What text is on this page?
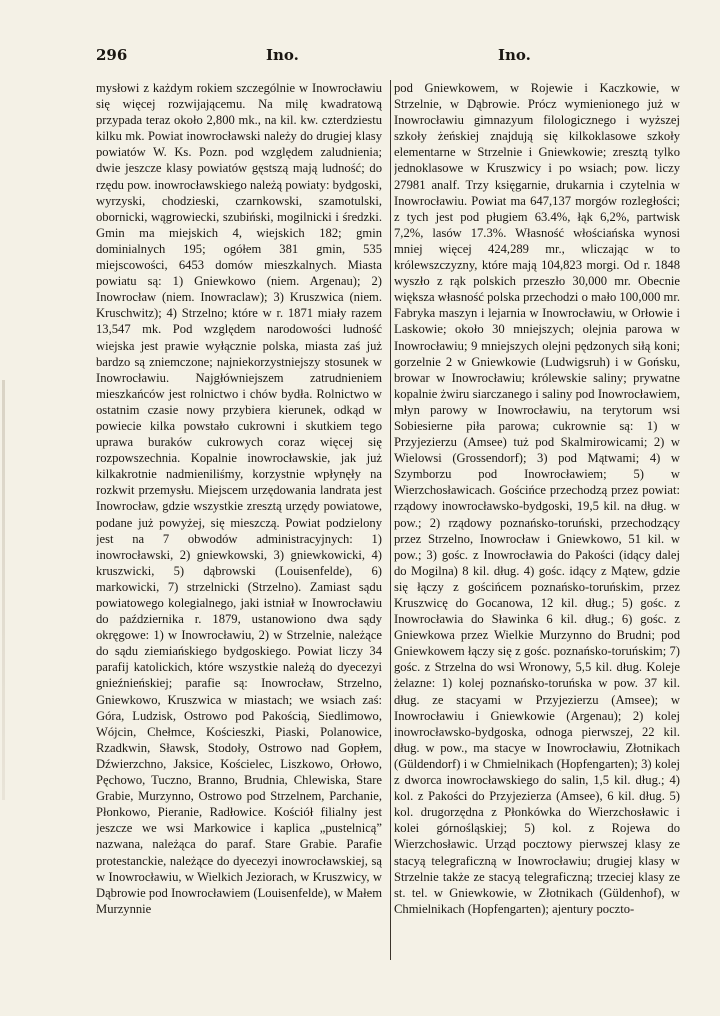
296	Ino.	Ino.
mysłowi z każdym rokiem szczególnie w Inowrocławiu się więcej rozwijającemu. Na milę kwadratową przypada teraz około 2,800 mk., na kil. kw. czterdziestu kilku mk. Powiat inowrocławski należy do drugiej klasy powiatów W. Ks. Pozn. pod względem zaludnienia; dwie jeszcze klasy powiatów gęstszą mają ludność; do rzędu pow. inowrocławskiego należą powiaty: bydgoski, wyrzyski, chodzieski, czarnkowski, szamotulski, obornicki, wągrowiecki, szubiński, mogilnicki i średzki. Gmin ma miejskich 4, wiejskich 182; gmin dominialnych 195; ogółem 381 gmin, 535 miejscowości, 6453 domów mieszkalnych. Miasta powiatu są: 1) Gniewkowo (niem. Argenau); 2) Inowrocław (niem. Inowraclaw); 3) Kruszwica (niem. Kruschwitz); 4) Strzelno; które w r. 1871 miały razem 13,547 mk. Pod względem narodowości ludność wiejska jest prawie wyłącznie polska, miasta zaś już bardzo są zniemczone; najniekorzystniejszy stosunek w Inowrocławiu. Najgłówniejszem zatrudnieniem mieszkańców jest rolnictwo i chów bydła. Rolnictwo w ostatnim czasie nowy przybiera kierunek, odkąd w powiecie kilka powstało cukrowni i skutkiem tego uprawa buraków cukrowych coraz więcej się rozpowszechnia. Kopalnie inowrocławskie, jak już kilkakrotnie nadmieniliśmy, korzystnie wpłynęły na rozkwit przemysłu. Miejscem urzędowania landrata jest Inowrocław, gdzie wszystkie zresztą urzędy powiatowe, podane już powyżej, się mieszczą. Powiat podzielony jest na 7 obwodów administracyjnych: 1) inowrocławski, 2) gniewkowski, 3) gniewkowicki, 4) kruszwicki, 5) dąbrowski (Louisenfelde), 6) markowicki, 7) strzelnicki (Strzelno). Zamiast sądu powiatowego kolegialnego, jaki istniał w Inowrocławiu do października r. 1879, ustanowiono dwa sądy okręgowe: 1) w Inowrocławiu, 2) w Strzelnie, należące do sądu ziemiańskiego bydgoskiego. Powiat liczy 34 parafij katolickich, które wszystkie należą do dyecezyi gnieźnieńskiej; parafie są: Inowrocław, Strzelno, Gniewkowo, Kruszwica w miastach; we wsiach zaś: Góra, Ludzisk, Ostrowo pod Pakością, Siedlimowo, Wójcin, Chełmce, Kościeszki, Piaski, Polanowice, Rzadkwin, Sławsk, Stodoły, Ostrowo nad Gopłem, Dźwierzchno, Jaksice, Kościelec, Liszkowo, Orłowo, Pęchowo, Tuczno, Branno, Brudnia, Chlewiska, Stare Grabie, Murzynno, Ostrowo pod Strzelnem, Parchanie, Płonkowo, Pieranie, Radłowice. Kościół filialny jest jeszcze we wsi Markowice i kaplica „pustelnicą” nazwana, należąca do paraf. Stare Grabie. Parafie protestanckie, należące do dyecezyi inowrocławskiej, są w Inowrocławiu, w Wielkich Jeziorach, w Kruszwicy, w Dąbrowie pod Inowrocławiem (Louisenfelde), w Małem Murzynnie
pod Gniewkowem, w Rojewie i Kaczkowie, w Strzelnie, w Dąbrowie. Prócz wymienionego już w Inowrocławiu gimnazyum filologicznego i wyższej szkoły żeńskiej znajdują się kilkoklasowe szkoły elementarne w Strzelnie i Gniewkowie; zresztą tylko jednoklasowe w Kruszwicy i po wsiach; pow. liczy 27981 analf. Trzy księgarnie, drukarnia i czytelnia w Inowrocławiu. Powiat ma 647,137 morgów rozległości; z tych jest pod pługiem 63.4%, łąk 6,2%, partwisk 7,2%, lasów 17.3%. Własność włościańska wynosi mniej więcej 424,289 mr., wliczając w to królewszczyzny, które mają 104,823 morgi. Od r. 1848 wyszło z rąk polskich przeszło 30,000 mr. Obecnie większa własność polska przechodzi o mało 100,000 mr. Fabryka maszyn i lejarnia w Inowrocławiu, w Orłowie i Laskowie; około 30 mniejszych; olejnia parowa w Inowrocławiu; 9 mniejszych olejni pędzonych siłą koni; gorzelnie 2 w Gniewkowie (Ludwigsruh) i w Gońsku, browar w Inowrocławiu; królewskie saliny; prywatne kopalnie żwiru siarczanego i saliny pod Inowrocławiem, młyn parowy w Inowrocławiu, na terytorum wsi Sobiesierne piła parowa; cukrownie są: 1) w Przyjezierzu (Amsee) tuż pod Skalmirowicami; 2) w Wielowsi (Grossendorf); 3) pod Mątwami; 4) w Szymborzu pod Inowrocławiem; 5) w Wierzchosławicach. Gościńce przechodzą przez powiat: rządowy inowrocławsko-bydgoski, 19,5 kil. na dług. w pow.; 2) rządowy poznańsko-toruński, przechodzący przez Strzelno, Inowrocław i Gniewkowo, 51 kil. w pow.; 3) gośc. z Inowrocławia do Pakości (idący dalej do Mogilna) 8 kil. dług. 4) gośc. idący z Mątew, gdzie się łączy z gościńcem poznańsko-toruńskim, przez Kruszwicę do Gocanowa, 12 kil. dług.; 5) gośc. z Inowrocławia do Sławinka 6 kil. dług.; 6) gośc. z Gniewkowa przez Wielkie Murzynno do Brudni; pod Gniewkowem łączy się z gośc. poznańsko-toruńskim; 7) gośc. z Strzelna do wsi Wronowy, 5,5 kil. dług. Koleje żelazne: 1) kolej poznańsko-toruńska w pow. 37 kil. dług. ze stacyami w Przyjezierzu (Amsee); w Inowrocławiu i Gniewkowie (Argenau); 2) kolej inowrocławsko-bydgoska, odnoga pierwszej, 22 kil. dług. w pow., ma stacye w Inowrocławiu, Złotnikach (Güldendorf) i w Chmielnikach (Hopfengarten); 3) kolej z dworca inowrocławskiego do salin, 1,5 kil. dług.; 4) kol. z Pakości do Przyjezierza (Amsee), 6 kil. dług. 5) kol. drugorzędna z Płonkówka do Wierzchosławic i kolei górnośląskiej; 5) kol. z Rojewa do Wierzchosławic. Urząd pocztowy pierwszej klasy ze stacyą telegraficzną w Inowrocławiu; drugiej klasy w Strzelnie także ze stacyą telegraficzną; trzeciej klasy ze st. tel. w Gniewkowie, w Złotnikach (Güldenhof), w Chmielnikach (Hopfengarten); ajentury poczto-
